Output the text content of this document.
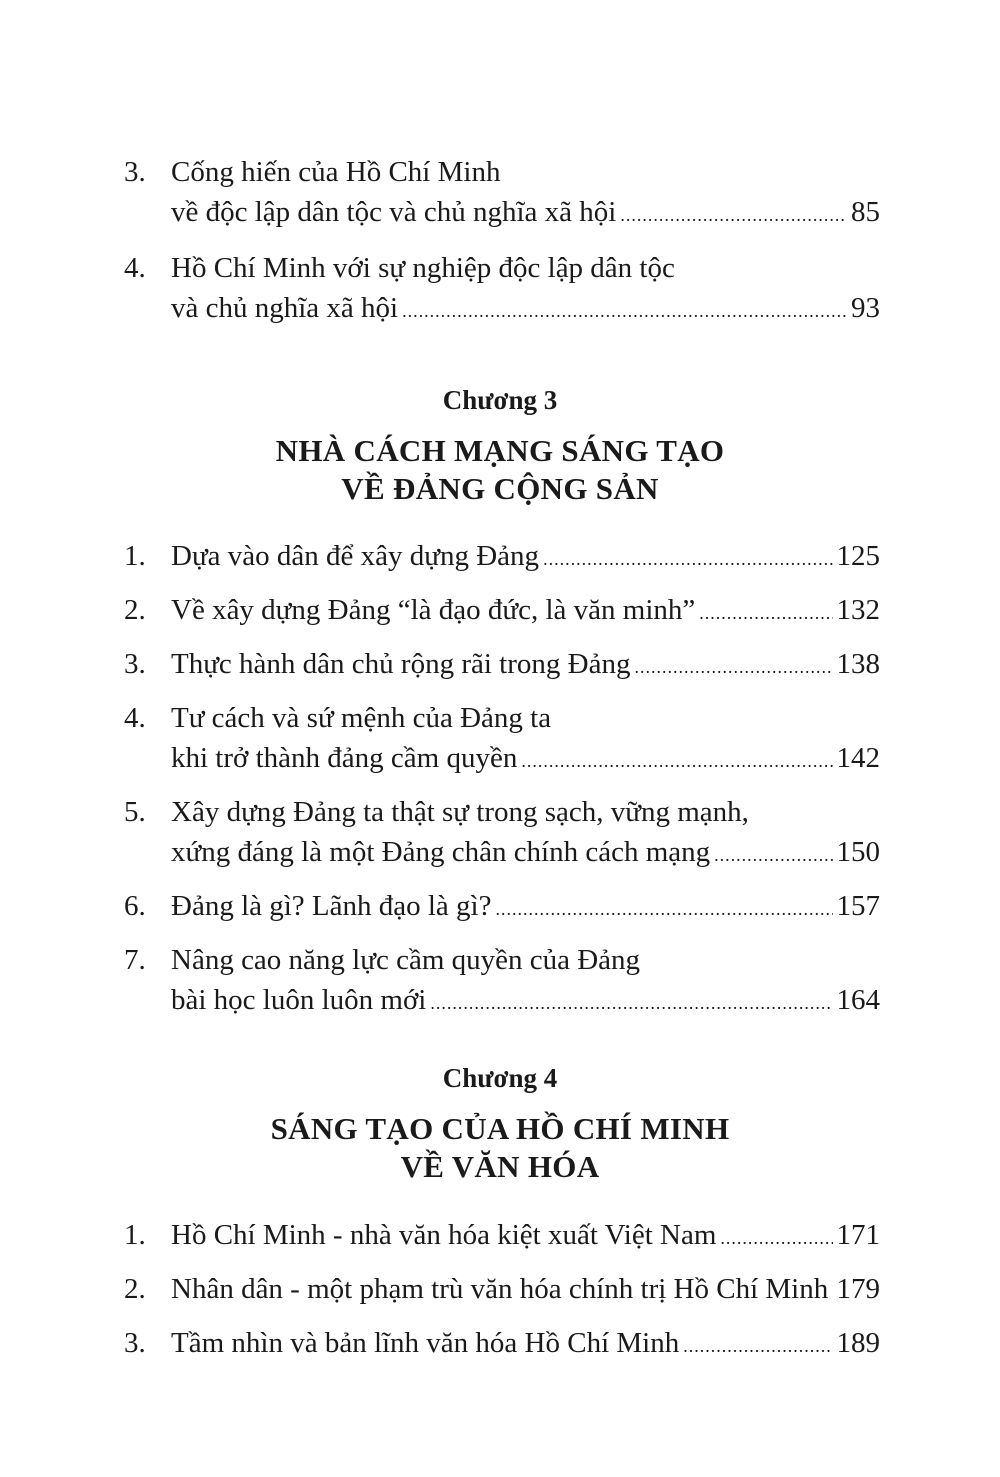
3. Cống hiến của Hồ Chí Minh
về độc lập dân tộc và chủ nghĩa xã hội .....	85
4. Hồ Chí Minh với sự nghiệp độc lập dân tộc
và chủ nghĩa xã hội .....	93
Chương 3
NHÀ CÁCH MẠNG SÁNG TẠO
VỀ ĐẢNG CỘNG SẢN
1. Dựa vào dân để xây dựng Đảng .....	125
2. Về xây dựng Đảng “là đạo đức, là văn minh” .....	132
3. Thực hành dân chủ rộng rãi trong Đảng .....	138
4. Tư cách và sứ mệnh của Đảng ta
khi trở thành đảng cầm quyền .....	142
5. Xây dựng Đảng ta thật sự trong sạch, vững mạnh,
xứng đáng là một Đảng chân chính cách mạng .....	150
6. Đảng là gì? Lãnh đạo là gì? .....	157
7. Nâng cao năng lực cầm quyền của Đảng
bài học luôn luôn mới .....	164
Chương 4
SÁNG TẠO CỦA HỒ CHÍ MINH
VỀ VĂN HÓA
1. Hồ Chí Minh - nhà văn hóa kiệt xuất Việt Nam .....	171
2. Nhân dân - một phạm trù văn hóa chính trị Hồ Chí Minh ..... 179
3. Tầm nhìn và bản lĩnh văn hóa Hồ Chí Minh .....	189
